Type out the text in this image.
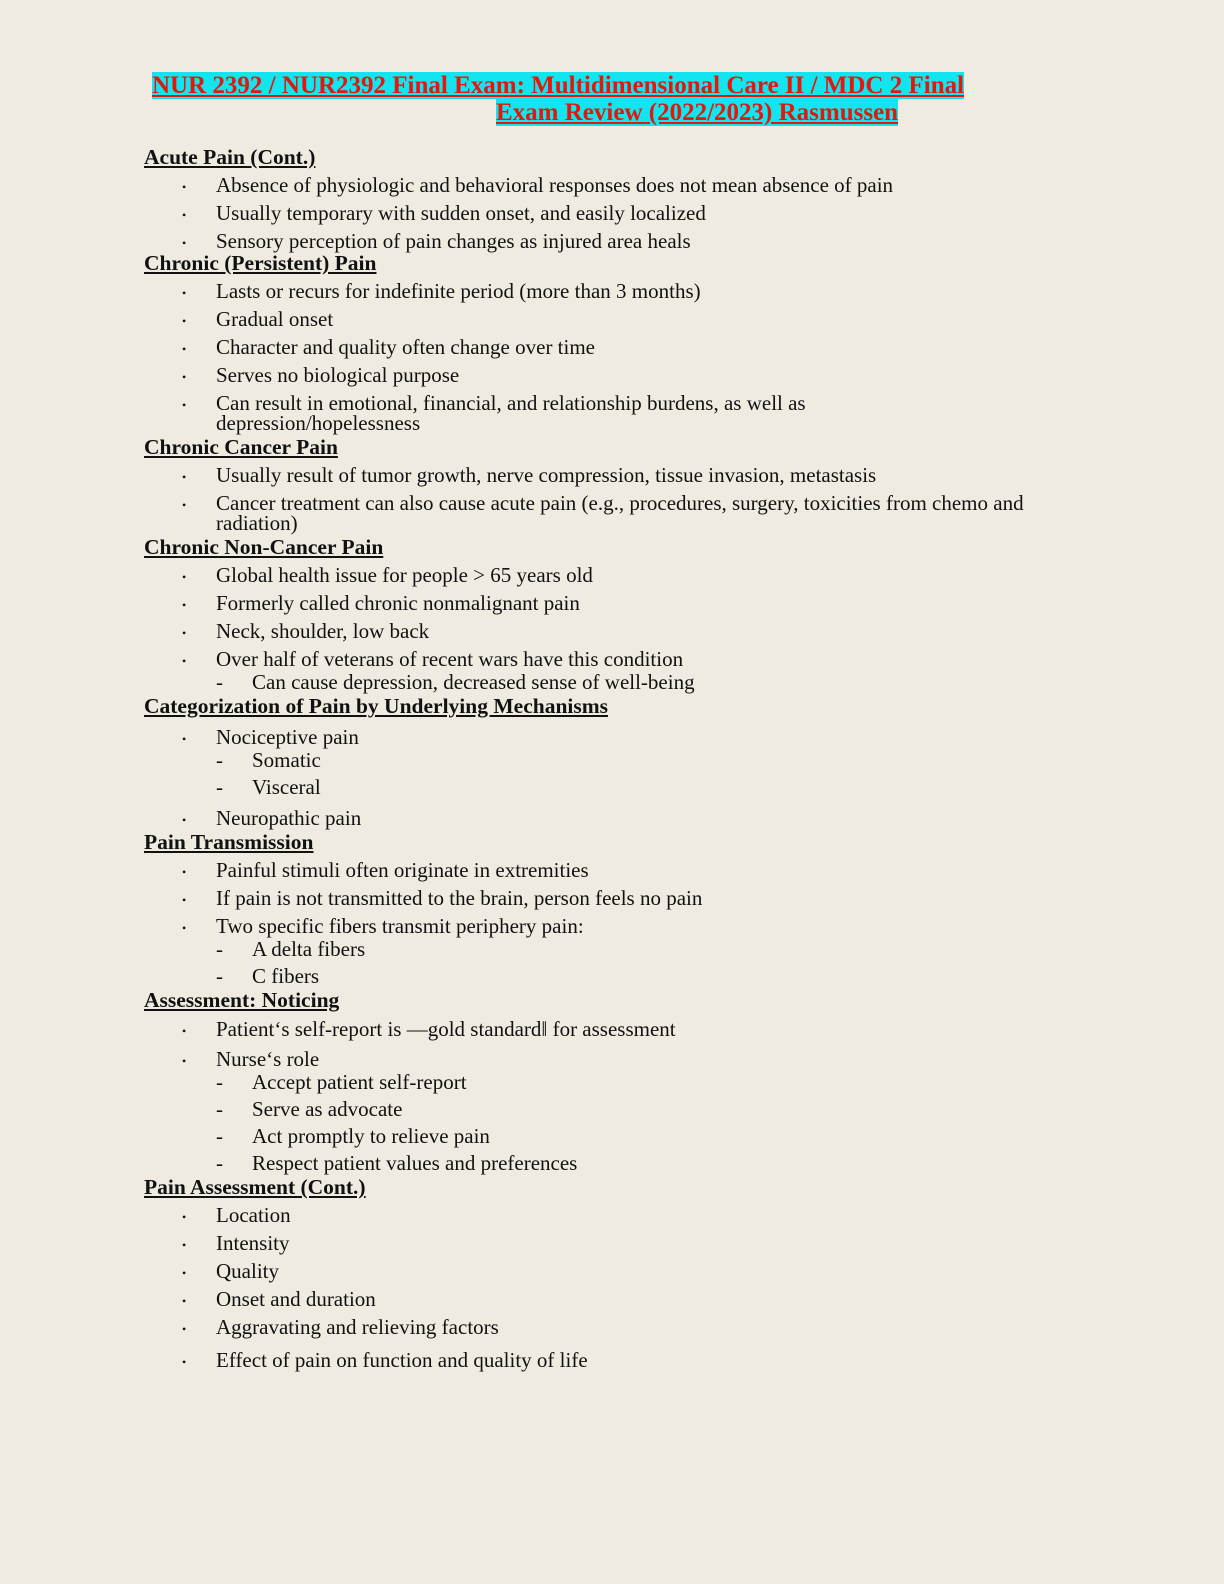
NUR 2392 / NUR2392 Final Exam: Multidimensional Care II / MDC 2 Final
Exam Review (2022/2023) Rasmussen

Acute Pain (Cont.)

• Absence of physiologic and behavioral responses does not mean absence of pain
• Usually temporary with sudden onset, and easily localized
• Sensory perception of pain changes as injured area heals

Chronic (Persistent) Pain

• Lasts or recurs for indefinite period (more than 3 months)
• Gradual onset
• Character and quality often change over time
• Serves no biological purpose
• Can result in emotional, financial, and relationship burdens, as well as depression/hopelessness

Chronic Cancer Pain

• Usually result of tumor growth, nerve compression, tissue invasion, metastasis
• Cancer treatment can also cause acute pain (e.g., procedures, surgery, toxicities from chemo and radiation)

Chronic Non-Cancer Pain

• Global health issue for people > 65 years old
• Formerly called chronic nonmalignant pain
• Neck, shoulder, low back
• Over half of veterans of recent wars have this condition
- Can cause depression, decreased sense of well-being

Categorization of Pain by Underlying Mechanisms

• Nociceptive pain
- Somatic
- Visceral
• Neuropathic pain

Pain Transmission

• Painful stimuli often originate in extremities
• If pain is not transmitted to the brain, person feels no pain
• Two specific fibers transmit periphery pain:
- A delta fibers
- C fibers

Assessment: Noticing

• Patient‘s self-report is ―gold standard‖ for assessment
• Nurse‘s role
- Accept patient self-report
- Serve as advocate
- Act promptly to relieve pain
- Respect patient values and preferences

Pain Assessment (Cont.)

• Location
• Intensity
• Quality
• Onset and duration
• Aggravating and relieving factors
• Effect of pain on function and quality of life
